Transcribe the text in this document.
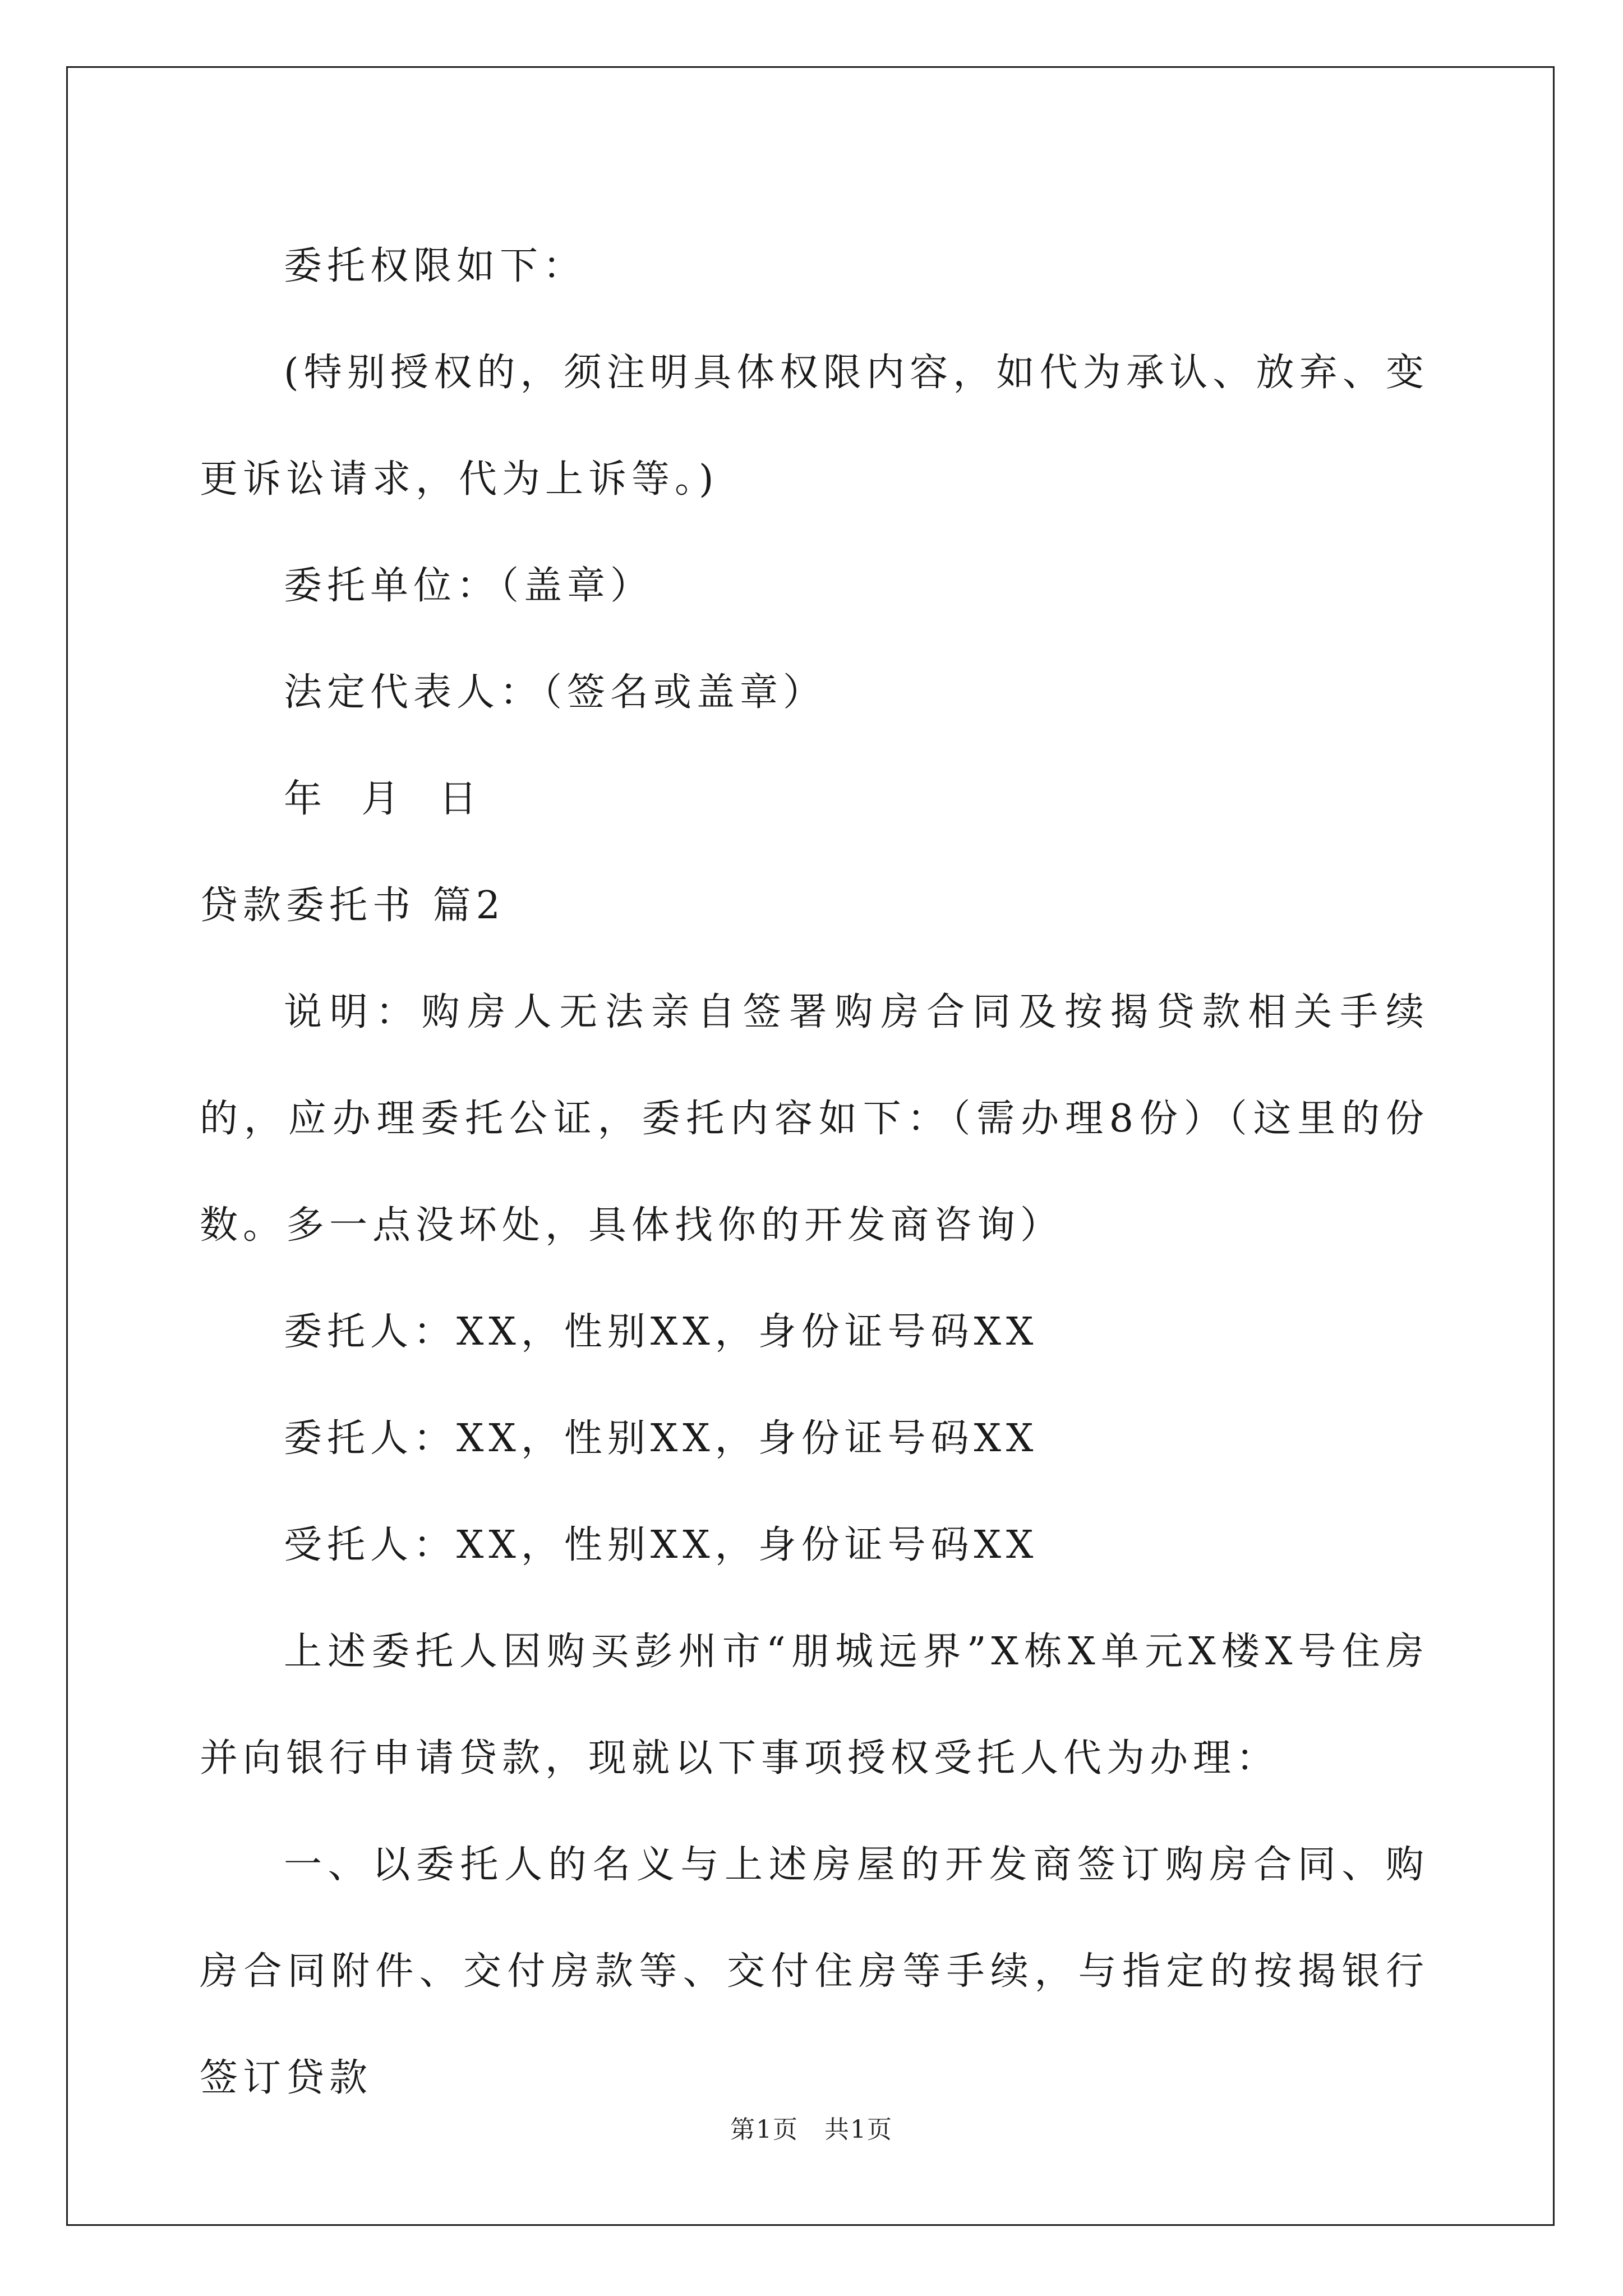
委托权限如下：

(特别授权的，须注明具体权限内容，如代为承认、放弃、变更诉讼请求，代为上诉等。)

委托单位：（盖章）

法定代表人：（签名或盖章）

年  月  日

贷款委托书 篇2

说明：购房人无法亲自签署购房合同及按揭贷款相关手续的，应办理委托公证，委托内容如下：（需办理8份）（这里的份数。多一点没坏处，具体找你的开发商咨询）

委托人：XX，性别XX，身份证号码XX

委托人：XX，性别XX，身份证号码XX

受托人：XX，性别XX，身份证号码XX

上述委托人因购买彭州市“朋城远界”X栋X单元X楼X号住房并向银行申请贷款，现就以下事项授权受托人代为办理：

一、以委托人的名义与上述房屋的开发商签订购房合同、购房合同附件、交付房款等、交付住房等手续，与指定的按揭银行签订贷款

第1页　共1页
